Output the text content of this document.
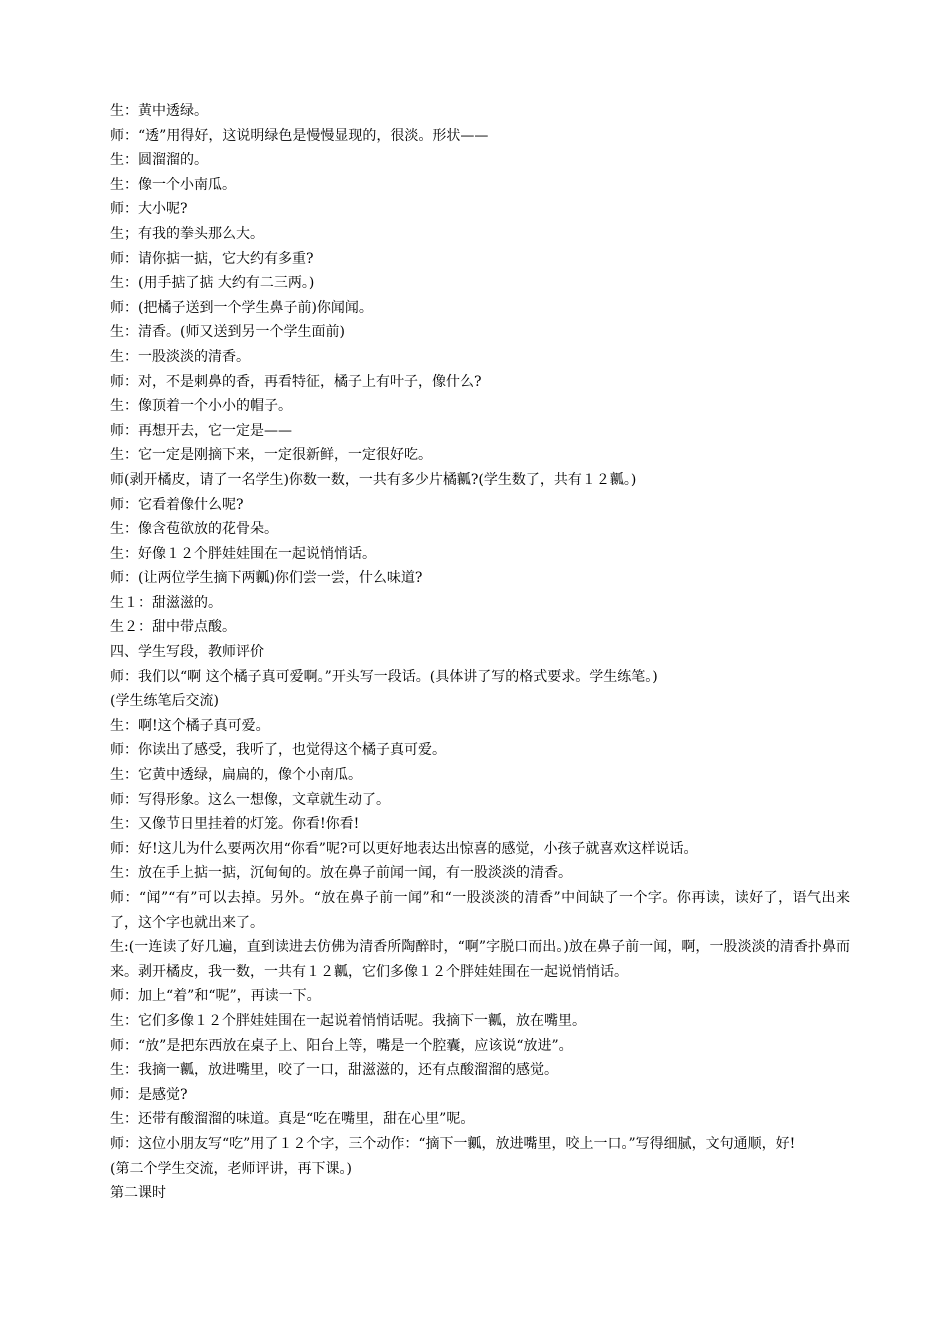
生：黄中透绿。
师：“透”用得好，这说明绿色是慢慢显现的，很淡。形状——
生：圆溜溜的。
生：像一个小南瓜。
师：大小呢?
生；有我的拳头那么大。
师：请你掂一掂，它大约有多重?
生：(用手掂了掂 大约有二三两。)
师：(把橘子送到一个学生鼻子前)你闻闻。
生：清香。(师又送到另一个学生面前)
生：一股淡淡的清香。
师：对，不是刺鼻的香，再看特征，橘子上有叶子，像什么?
生：像顶着一个小小的帽子。
师：再想开去，它一定是——
生：它一定是刚摘下来，一定很新鲜，一定很好吃。
师(剥开橘皮，请了一名学生)你数一数，一共有多少片橘瓤?(学生数了，共有１２瓤。)
师：它看着像什么呢?
生：像含苞欲放的花骨朵。
生：好像１２个胖娃娃围在一起说悄悄话。
师：(让两位学生摘下两瓤)你们尝一尝，什么味道?
生１：甜滋滋的。
生２：甜中带点酸。
四、学生写段，教师评价
师：我们以“啊 这个橘子真可爱啊。”开头写一段话。(具体讲了写的格式要求。学生练笔。)
(学生练笔后交流)
生：啊!这个橘子真可爱。
师：你读出了感受，我听了，也觉得这个橘子真可爱。
生：它黄中透绿，扁扁的，像个小南瓜。
师：写得形象。这么一想像，文章就生动了。
生：又像节日里挂着的灯笼。你看!你看!
师：好!这儿为什么要两次用“你看”呢?可以更好地表达出惊喜的感觉，小孩子就喜欢这样说话。
生：放在手上掂一掂，沉甸甸的。放在鼻子前闻一闻，有一股淡淡的清香。
师：“闻”“有”可以去掉。另外。“放在鼻子前一闻”和“一股淡淡的清香”中间缺了一个字。你再读，读好了，语气出来了，这个字也就出来了。
生:(一连读了好几遍，直到读进去仿佛为清香所陶醉时，“啊”字脱口而出。)放在鼻子前一闻，啊，一股淡淡的清香扑鼻而来。剥开橘皮，我一数，一共有１２瓤，它们多像１２个胖娃娃围在一起说悄悄话。
师：加上“着”和“呢”，再读一下。
生：它们多像１２个胖娃娃围在一起说着悄悄话呢。我摘下一瓤，放在嘴里。
师：“放”是把东西放在桌子上、阳台上等，嘴是一个腔囊，应该说“放进”。
生：我摘一瓤，放进嘴里，咬了一口，甜滋滋的，还有点酸溜溜的感觉。
师：是感觉?
生：还带有酸溜溜的味道。真是“吃在嘴里，甜在心里”呢。
师：这位小朋友写“吃”用了１２个字，三个动作：“摘下一瓤，放进嘴里，咬上一口。”写得细腻，文句通顺，好!
(第二个学生交流，老师评讲，再下课。)
第二课时
